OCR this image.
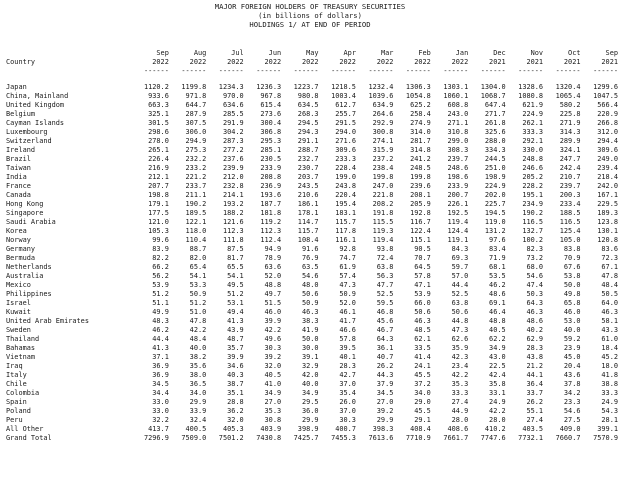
MAJOR FOREIGN HOLDERS OF TREASURY SECURITIES
(in billions of dollars)
HOLDINGS 1/ AT END OF PERIOD
	Sep	Aug	Jul	Jun	May	Apr	Mar	Feb	Jan	Dec	Nov	Oct	Sep
Country	2022	2022	2022	2022	2022	2022	2022	2022	2022	2021	2021	2021	2021
	------	------	------	------	------	------	------	------	------	------	------	------	------

Japan	1120.2	1199.8	1234.3	1236.3	1223.7	1218.5	1232.4	1306.3	1303.1	1304.0	1328.6	1320.4	1299.6
China, Mainland	933.6	971.8	970.0	967.8	980.8	1003.4	1039.6	1054.8	1060.1	1068.7	1080.8	1065.4	1047.5
United Kingdom	663.3	644.7	634.6	615.4	634.5	612.7	634.9	625.2	608.8	647.4	621.9	580.2	566.4
Belgium	325.1	287.9	285.5	273.6	268.3	255.7	264.6	258.4	243.0	271.7	224.9	225.8	220.9
Cayman Islands	301.5	307.5	291.9	300.4	294.5	291.5	292.9	274.9	271.1	261.8	262.1	271.9	266.8
Luxembourg	298.6	306.0	304.2	306.8	294.3	294.0	300.8	314.0	310.8	325.6	333.3	314.3	312.0
Switzerland	278.0	294.9	287.3	295.3	291.1	271.6	274.1	281.7	299.0	288.0	292.1	289.9	294.4
Ireland	265.1	275.3	277.2	285.1	288.7	309.6	315.9	314.8	308.3	334.3	330.0	324.1	309.6
Brazil	226.4	232.2	237.6	230.5	232.7	233.3	237.2	241.2	239.7	244.5	248.8	247.7	249.0
Taiwan	216.9	233.2	239.9	233.9	230.7	228.4	238.4	248.5	248.6	251.0	246.6	242.4	239.4
India	212.1	221.2	212.0	208.8	203.7	199.0	199.8	199.8	198.6	198.9	205.2	210.7	218.4
France	207.7	233.7	232.8	236.9	243.5	243.8	247.0	239.6	233.9	224.9	228.2	239.7	242.0
Canada	198.8	211.1	214.1	193.6	210.6	220.4	221.8	208.1	200.7	202.0	195.1	200.3	167.1
Hong Kong	179.1	190.2	193.2	187.7	186.1	195.4	208.2	205.9	226.1	225.7	234.9	233.4	229.5
Singapore	177.5	189.5	188.2	181.8	178.1	183.1	191.8	192.8	192.5	194.5	190.2	188.5	189.3
Saudi Arabia	121.0	122.1	121.6	119.2	114.7	115.7	115.5	116.7	119.4	119.0	116.5	116.5	123.8
Korea	105.3	118.0	112.3	112.3	115.7	117.8	119.3	122.4	124.4	131.2	132.7	125.4	130.1
Norway	99.6	110.4	111.8	112.4	108.4	116.1	119.4	115.1	119.1	97.6	100.2	105.0	120.8
Germany	83.9	88.7	87.5	94.9	91.6	92.8	93.8	90.5	84.3	83.4	82.3	83.8	83.6
Bermuda	82.2	82.0	81.7	78.9	76.9	74.7	72.4	70.7	69.3	71.9	73.2	70.9	72.3
Netherlands	66.2	65.4	65.5	63.6	63.5	61.9	63.8	64.5	59.7	68.1	68.0	67.6	67.1
Australia	56.2	54.1	54.1	52.0	54.6	57.4	56.3	57.8	57.0	53.5	54.6	53.8	47.8
Mexico	53.9	53.3	49.5	48.8	48.0	47.3	47.7	47.1	44.4	46.2	47.4	50.0	48.4
Philippines	51.2	50.9	51.2	49.7	50.6	50.9	52.5	53.9	52.5	48.6	50.3	49.8	50.5
Israel	51.1	51.2	53.1	51.5	50.9	52.0	59.5	66.0	63.8	69.1	64.3	65.8	64.0
Kuwait	49.9	51.0	49.4	46.0	46.3	46.1	46.8	50.6	50.6	46.4	46.3	46.0	46.3
United Arab Emirates	48.3	47.8	41.3	39.9	38.3	41.7	45.6	46.3	44.8	48.8	48.6	53.0	58.1
Sweden	46.2	42.2	43.9	42.2	41.9	46.6	46.7	48.5	47.3	40.5	40.2	40.0	43.3
Thailand	44.4	48.4	48.7	49.6	50.0	57.8	64.3	62.1	62.6	62.2	62.9	59.2	61.0
Bahamas	41.3	40.0	35.7	30.3	30.0	39.5	36.1	33.5	35.9	34.9	28.3	23.9	18.4
Vietnam	37.1	38.2	39.9	39.2	39.1	40.1	40.7	41.4	42.3	43.0	43.8	45.0	45.2
Iraq	36.9	35.6	34.6	32.0	32.9	28.3	26.2	24.1	23.4	22.5	21.2	20.4	18.0
Italy	36.9	38.0	40.3	40.5	42.0	42.7	44.3	45.5	42.2	42.4	44.1	43.6	41.8
Chile	34.5	36.5	38.7	41.0	40.0	37.0	37.9	37.2	35.3	35.8	36.4	37.8	38.8
Colombia	34.4	34.0	35.1	34.9	34.9	35.4	34.5	34.0	33.3	33.1	33.7	34.2	33.3
Spain	33.0	29.9	28.8	27.0	29.5	26.0	27.0	29.0	27.4	24.9	26.2	23.3	24.9
Poland	33.0	33.9	36.2	35.3	36.0	37.0	39.2	45.5	44.9	42.2	55.1	54.6	54.3
Peru	32.2	32.4	32.0	30.8	29.9	30.3	29.9	29.1	28.0	28.0	27.4	27.5	28.1
All Other	413.7	400.5	405.3	403.9	398.9	400.7	398.3	408.4	408.6	410.2	403.5	409.0	399.1
Grand Total	7296.9	7509.0	7501.2	7430.8	7425.7	7455.3	7613.6	7710.9	7661.7	7747.6	7732.1	7660.7	7570.9
